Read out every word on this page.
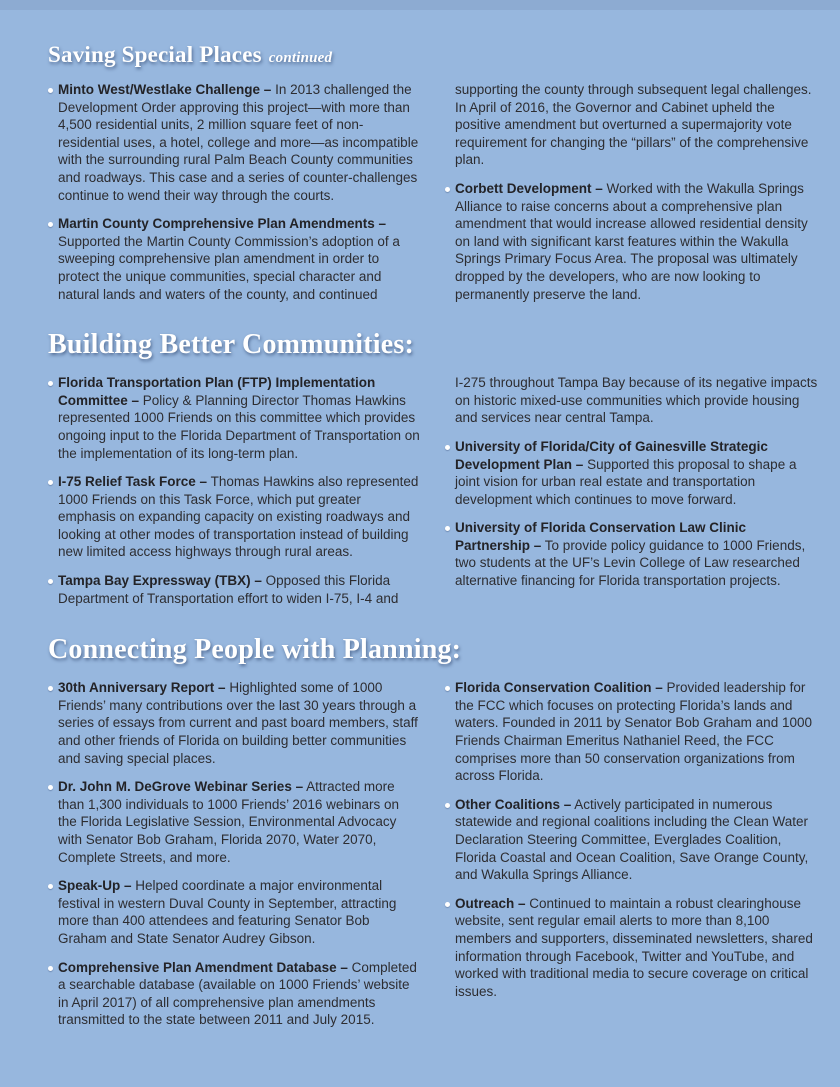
Saving Special Places continued

Minto West/Westlake Challenge – In 2013 challenged the Development Order approving this project—with more than 4,500 residential units, 2 million square feet of non-residential uses, a hotel, college and more—as incompatible with the surrounding rural Palm Beach County communities and roadways. This case and a series of counter-challenges continue to wend their way through the courts.

Martin County Comprehensive Plan Amendments – Supported the Martin County Commission’s adoption of a sweeping comprehensive plan amendment in order to protect the unique communities, special character and natural lands and waters of the county, and continued

supporting the county through subsequent legal challenges. In April of 2016, the Governor and Cabinet upheld the positive amendment but overturned a supermajority vote requirement for changing the “pillars” of the comprehensive plan.

Corbett Development – Worked with the Wakulla Springs Alliance to raise concerns about a comprehensive plan amendment that would increase allowed residential density on land with significant karst features within the Wakulla Springs Primary Focus Area. The proposal was ultimately dropped by the developers, who are now looking to permanently preserve the land.

Building Better Communities:

Florida Transportation Plan (FTP) Implementation Committee – Policy & Planning Director Thomas Hawkins represented 1000 Friends on this committee which provides ongoing input to the Florida Department of Transportation on the implementation of its long-term plan.

I-75 Relief Task Force – Thomas Hawkins also represented 1000 Friends on this Task Force, which put greater emphasis on expanding capacity on existing roadways and looking at other modes of transportation instead of building new limited access highways through rural areas.

Tampa Bay Expressway (TBX) – Opposed this Florida Department of Transportation effort to widen I-75, I-4 and

I-275 throughout Tampa Bay because of its negative impacts on historic mixed-use communities which provide housing and services near central Tampa.

University of Florida/City of Gainesville Strategic Development Plan – Supported this proposal to shape a joint vision for urban real estate and transportation development which continues to move forward.

University of Florida Conservation Law Clinic Partnership – To provide policy guidance to 1000 Friends, two students at the UF’s Levin College of Law researched alternative financing for Florida transportation projects.

Connecting People with Planning:

30th Anniversary Report – Highlighted some of 1000 Friends’ many contributions over the last 30 years through a series of essays from current and past board members, staff and other friends of Florida on building better communities and saving special places.

Dr. John M. DeGrove Webinar Series – Attracted more than 1,300 individuals to 1000 Friends’ 2016 webinars on the Florida Legislative Session, Environmental Advocacy with Senator Bob Graham, Florida 2070, Water 2070, Complete Streets, and more.

Speak-Up – Helped coordinate a major environmental festival in western Duval County in September, attracting more than 400 attendees and featuring Senator Bob Graham and State Senator Audrey Gibson.

Comprehensive Plan Amendment Database – Completed a searchable database (available on 1000 Friends’ website in April 2017) of all comprehensive plan amendments transmitted to the state between 2011 and July 2015.

Florida Conservation Coalition – Provided leadership for the FCC which focuses on protecting Florida’s lands and waters. Founded in 2011 by Senator Bob Graham and 1000 Friends Chairman Emeritus Nathaniel Reed, the FCC comprises more than 50 conservation organizations from across Florida.

Other Coalitions – Actively participated in numerous statewide and regional coalitions including the Clean Water Declaration Steering Committee, Everglades Coalition, Florida Coastal and Ocean Coalition, Save Orange County, and Wakulla Springs Alliance.

Outreach – Continued to maintain a robust clearinghouse website, sent regular email alerts to more than 8,100 members and supporters, disseminated newsletters, shared information through Facebook, Twitter and YouTube, and worked with traditional media to secure coverage on critical issues.
